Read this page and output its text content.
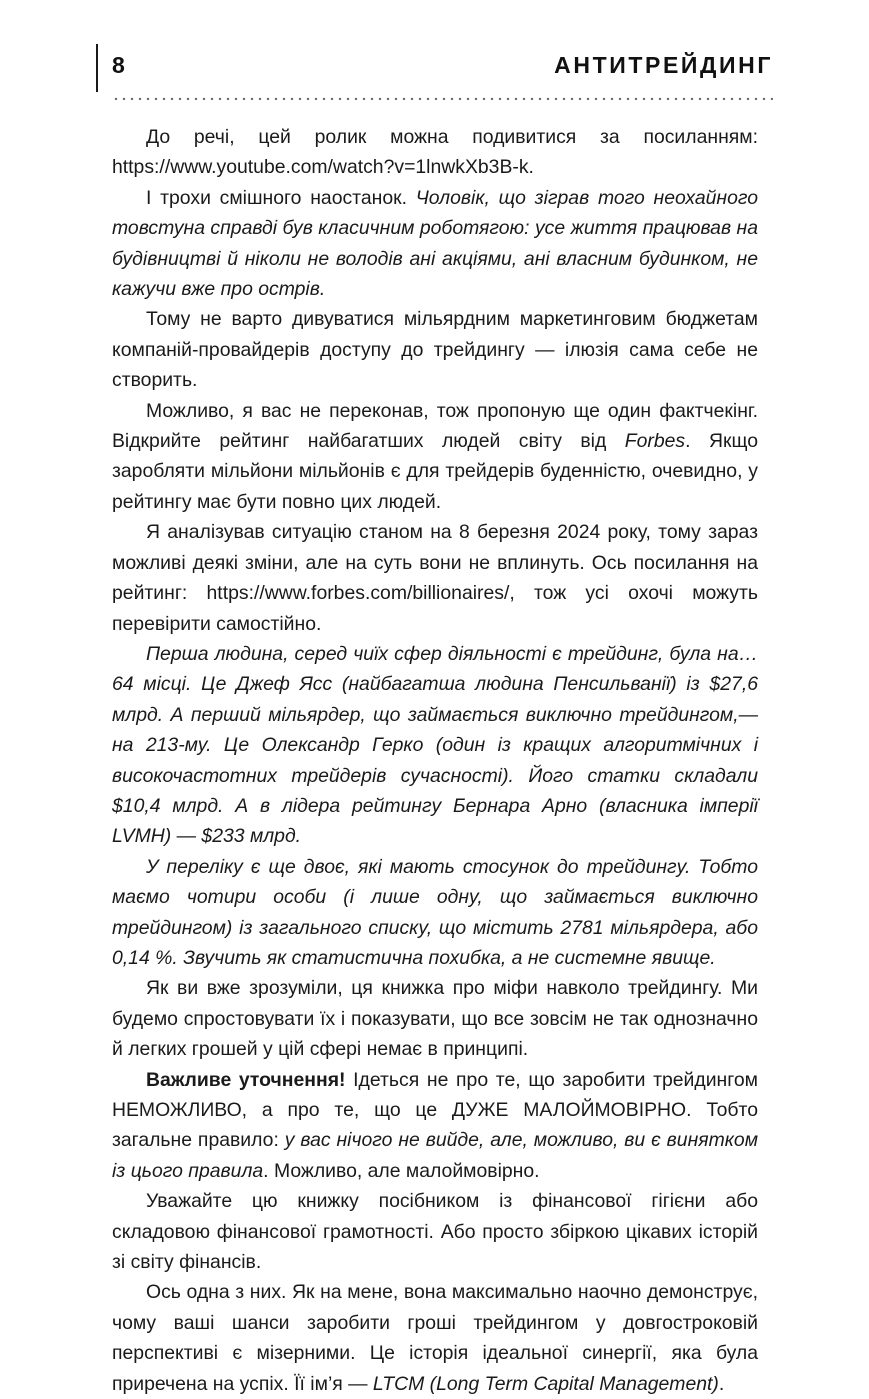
8	АНТИТРЕЙДИНГ

До речі, цей ролик можна подивитися за посиланням: https://www.youtube.com/watch?v=1lnwkXb3B-k.

І трохи смішного наостанок. Чоловік, що зіграв того неохайного товстуна справді був класичним роботягою: усе життя працював на будівництві й ніколи не володів ані акціями, ані власним будинком, не кажучи вже про острів.

Тому не варто дивуватися мільярдним маркетинговим бюджетам компаній-провайдерів доступу до трейдингу — ілюзія сама себе не створить.

Можливо, я вас не переконав, тож пропоную ще один фактчекінг. Відкрийте рейтинг найбагатших людей світу від Forbes. Якщо заробляти мільйони мільйонів є для трейдерів буденністю, очевидно, у рейтингу має бути повно цих людей.

Я аналізував ситуацію станом на 8 березня 2024 року, тому зараз можливі деякі зміни, але на суть вони не вплинуть. Ось посилання на рейтинг: https://www.forbes.com/billionaires/, тож усі охочі можуть перевірити самостійно.

Перша людина, серед чиїх сфер діяльності є трейдинг, була на… 64 місці. Це Джеф Ясс (найбагатша людина Пенсильванії) із $27,6 млрд. А перший мільярдер, що займається виключно трейдингом,— на 213-му. Це Олександр Герко (один із кращих алгоритмічних і високочастотних трейдерів сучасності). Його статки складали $10,4 млрд. А в лідера рейтингу Бернара Арно (власника імперії LVMH) — $233 млрд.

У переліку є ще двоє, які мають стосунок до трейдингу. Тобто маємо чотири особи (і лише одну, що займається виключно трейдингом) із загального списку, що містить 2781 мільярдера, або 0,14 %. Звучить як статистична похибка, а не системне явище.

Як ви вже зрозуміли, ця книжка про міфи навколо трейдингу. Ми будемо спростовувати їх і показувати, що все зовсім не так однозначно й легких грошей у цій сфері немає в принципі.

Важливе уточнення! Ідеться не про те, що заробити трейдингом НЕМОЖЛИВО, а про те, що це ДУЖЕ МАЛОЙМОВІРНО. Тобто загальне правило: у вас нічого не вийде, але, можливо, ви є винятком із цього правила. Можливо, але малоймовірно.

Уважайте цю книжку посібником із фінансової гігієни або складовою фінансової грамотності. Або просто збіркою цікавих історій зі світу фінансів.

Ось одна з них. Як на мене, вона максимально наочно демонструє, чому ваші шанси заробити гроші трейдингом у довгостроковій перспективі є мізерними. Це історія ідеальної синергії, яка була приречена на успіх. Її ім’я — LTCM (Long Term Capital Management).
